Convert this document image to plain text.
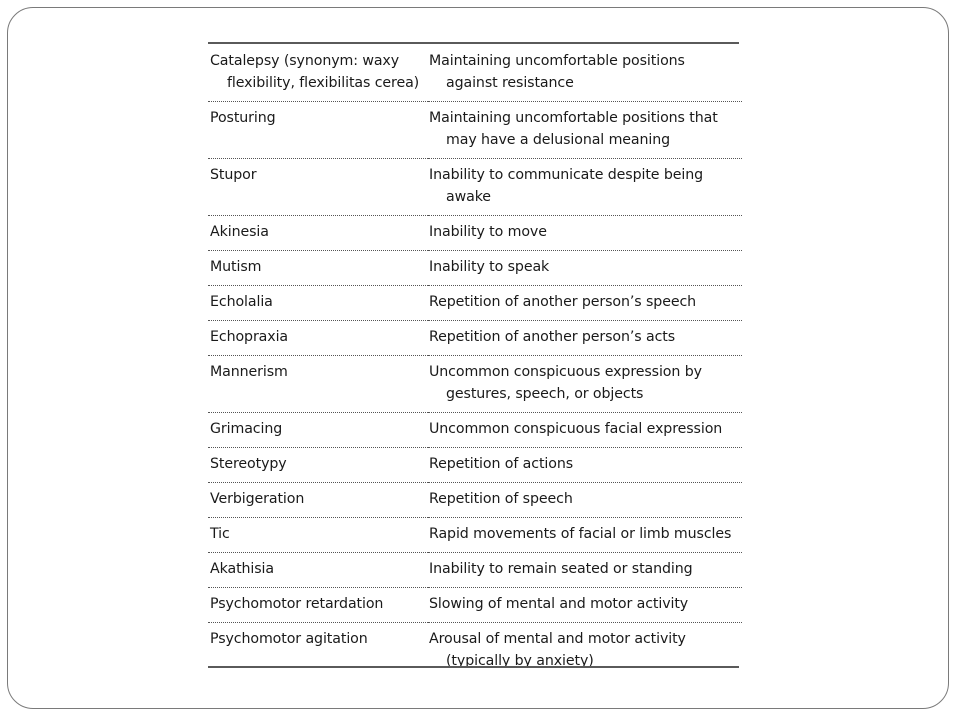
Catalepsy (synonym: waxy flexibility, flexibilitas cerea)	Maintaining uncomfortable positions against resistance

Posturing	Maintaining uncomfortable positions that may have a delusional meaning

Stupor	Inability to communicate despite being awake

Akinesia	Inability to move

Mutism	Inability to speak

Echolalia	Repetition of another person’s speech

Echopraxia	Repetition of another person’s acts

Mannerism	Uncommon conspicuous expression by gestures, speech, or objects

Grimacing	Uncommon conspicuous facial expression

Stereotypy	Repetition of actions

Verbigeration	Repetition of speech

Tic	Rapid movements of facial or limb muscles

Akathisia	Inability to remain seated or standing

Psychomotor retardation	Slowing of mental and motor activity

Psychomotor agitation	Arousal of mental and motor activity (typically by anxiety)
